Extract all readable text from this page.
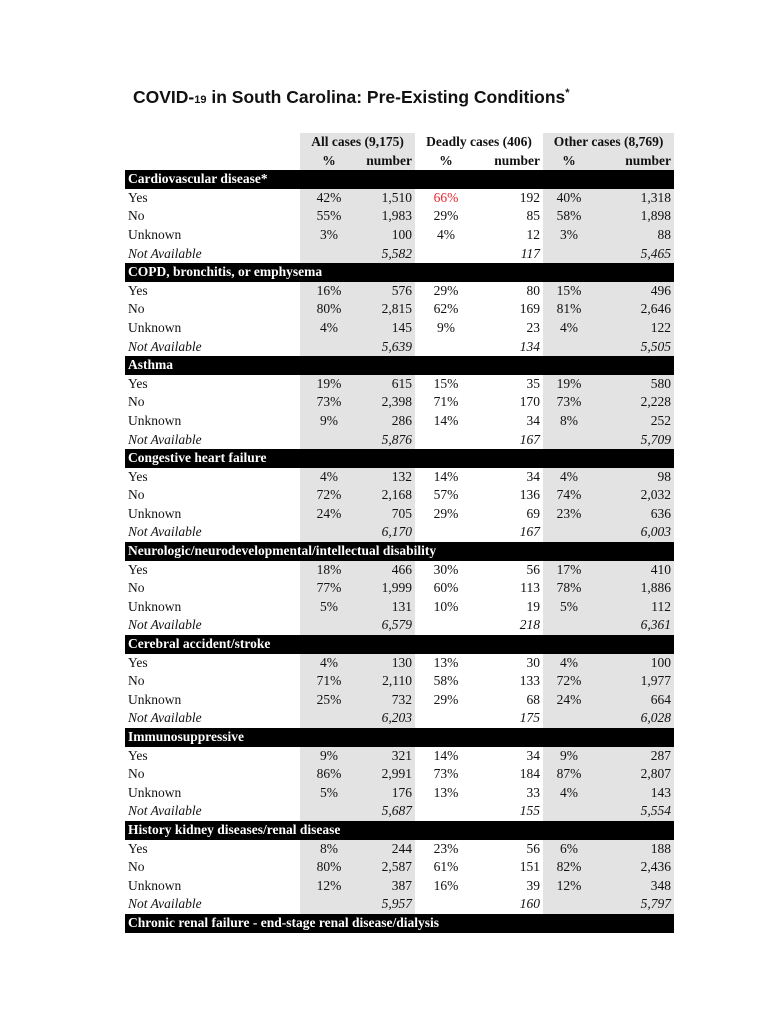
COVID-19 in South Carolina: Pre-Existing Conditions*
	All cases (9,175)		Deadly cases (406)		Other cases (8,769)	
	%	number	%	number	%	number
Cardiovascular disease*						
Yes	42%	1,510	66%	192	40%	1,318
No	55%	1,983	29%	85	58%	1,898
Unknown	3%	100	4%	12	3%	88
Not Available		5,582		117		5,465
COPD, bronchitis, or emphysema						
Yes	16%	576	29%	80	15%	496
No	80%	2,815	62%	169	81%	2,646
Unknown	4%	145	9%	23	4%	122
Not Available		5,639		134		5,505
Asthma						
Yes	19%	615	15%	35	19%	580
No	73%	2,398	71%	170	73%	2,228
Unknown	9%	286	14%	34	8%	252
Not Available		5,876		167		5,709
Congestive heart failure						
Yes	4%	132	14%	34	4%	98
No	72%	2,168	57%	136	74%	2,032
Unknown	24%	705	29%	69	23%	636
Not Available		6,170		167		6,003
Neurologic/neurodevelopmental/intellectual disability						
Yes	18%	466	30%	56	17%	410
No	77%	1,999	60%	113	78%	1,886
Unknown	5%	131	10%	19	5%	112
Not Available		6,579		218		6,361
Cerebral accident/stroke						
Yes	4%	130	13%	30	4%	100
No	71%	2,110	58%	133	72%	1,977
Unknown	25%	732	29%	68	24%	664
Not Available		6,203		175		6,028
Immunosuppressive						
Yes	9%	321	14%	34	9%	287
No	86%	2,991	73%	184	87%	2,807
Unknown	5%	176	13%	33	4%	143
Not Available		5,687		155		5,554
History kidney diseases/renal disease						
Yes	8%	244	23%	56	6%	188
No	80%	2,587	61%	151	82%	2,436
Unknown	12%	387	16%	39	12%	348
Not Available		5,957		160		5,797
Chronic renal failure - end-stage renal disease/dialysis						
